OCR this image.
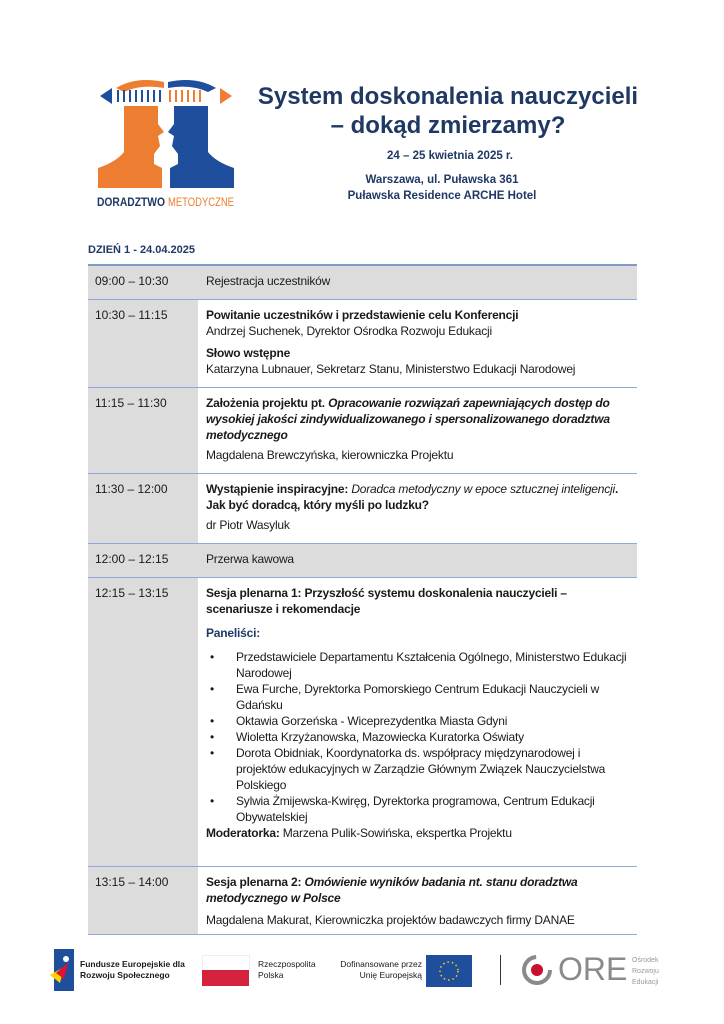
DORADZTWO METODYCZNE
System doskonalenia nauczycieli
– dokąd zmierzamy?
24 – 25 kwietnia 2025 r.
Warszawa, ul. Puławska 361
Puławska Residence ARCHE Hotel
DZIEŃ 1 - 24.04.2025
09:00 – 10:30	Rejestracja uczestników
10:30 – 11:15	Powitanie uczestników i przedstawienie celu Konferencji
Andrzej Suchenek, Dyrektor Ośrodka Rozwoju Edukacji
Słowo wstępne
Katarzyna Lubnauer, Sekretarz Stanu, Ministerstwo Edukacji Narodowej
11:15 – 11:30	Założenia projektu pt. Opracowanie rozwiązań zapewniających dostęp do wysokiej jakości zindywidualizowanego i spersonalizowanego doradztwa metodycznego
Magdalena Brewczyńska, kierowniczka Projektu
11:30 – 12:00	Wystąpienie inspiracyjne: Doradca metodyczny w epoce sztucznej inteligencji. Jak być doradcą, który myśli po ludzku?
dr Piotr Wasyluk
12:00 – 12:15	Przerwa kawowa
12:15 – 13:15	Sesja plenarna 1: Przyszłość systemu doskonalenia nauczycieli – scenariusze i rekomendacje
Paneliści:
• Przedstawiciele Departamentu Kształcenia Ogólnego, Ministerstwo Edukacji Narodowej
• Ewa Furche, Dyrektorka Pomorskiego Centrum Edukacji Nauczycieli w Gdańsku
• Oktawia Gorzeńska - Wiceprezydentka Miasta Gdyni
• Wioletta Krzyżanowska, Mazowiecka Kuratorka Oświaty
• Dorota Obidniak, Koordynatorka ds. współpracy międzynarodowej i projektów edukacyjnych w Zarządzie Głównym Związek Nauczycielstwa Polskiego
• Sylwia Żmijewska-Kwiręg, Dyrektorka programowa, Centrum Edukacji Obywatelskiej
Moderatorka: Marzena Pulik-Sowińska, ekspertka Projektu
13:15 – 14:00	Sesja plenarna 2: Omówienie wyników badania nt. stanu doradztwa metodycznego w Polsce
Magdalena Makurat, Kierowniczka projektów badawczych firmy DANAE
Fundusze Europejskie dla Rozwoju Społecznego
Rzeczpospolita Polska
Dofinansowane przez Unię Europejską	ORE Ośrodek Rozwoju Edukacji
